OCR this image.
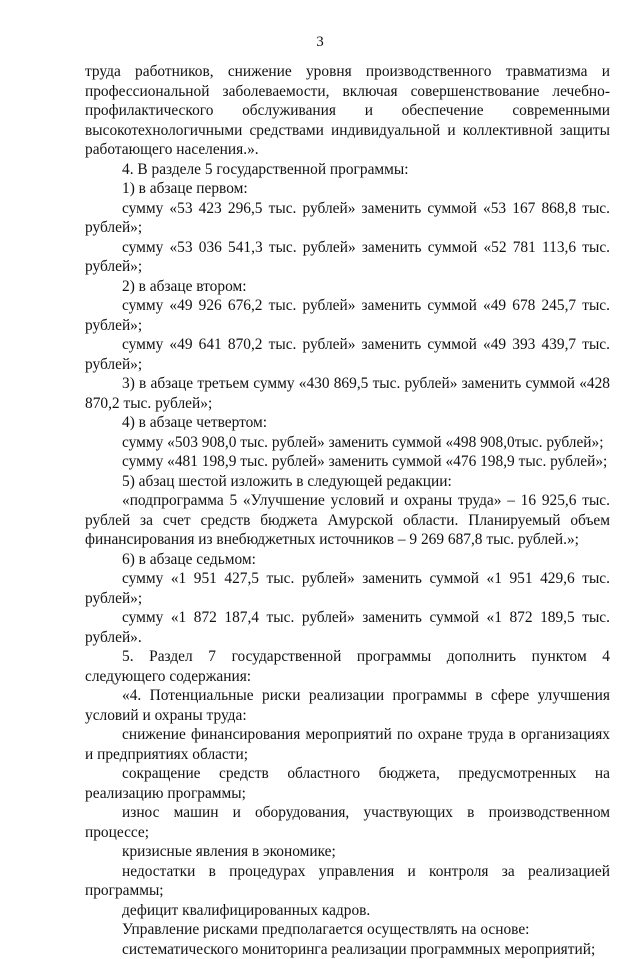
3

труда работников, снижение уровня производственного травматизма и профессиональной заболеваемости, включая совершенствование лечебно-профилактического обслуживания и обеспечение современными высокотехнологичными средствами индивидуальной и коллективной защиты работающего населения.».

4. В разделе 5 государственной программы:

1) в абзаце первом:

сумму «53 423 296,5 тыс. рублей» заменить суммой «53 167 868,8 тыс. рублей»;

сумму «53 036 541,3 тыс. рублей» заменить суммой «52 781 113,6 тыс. рублей»;

2) в абзаце втором:

сумму «49 926 676,2 тыс. рублей» заменить суммой «49 678 245,7 тыс. рублей»;

сумму «49 641 870,2 тыс. рублей» заменить суммой «49 393 439,7 тыс. рублей»;

3) в абзаце третьем сумму «430 869,5 тыс. рублей» заменить суммой «428 870,2 тыс. рублей»;

4) в абзаце четвертом:

сумму «503 908,0 тыс. рублей» заменить суммой «498 908,0тыс. рублей»;

сумму «481 198,9 тыс. рублей» заменить суммой «476 198,9 тыс. рублей»;

5) абзац шестой изложить в следующей редакции:

«подпрограмма 5 «Улучшение условий и охраны труда» – 16 925,6 тыс. рублей за счет средств бюджета Амурской области. Планируемый объем финансирования из внебюджетных источников – 9 269 687,8 тыс. рублей.»;

6) в абзаце седьмом:

сумму «1 951 427,5 тыс. рублей» заменить суммой «1 951 429,6 тыс. рублей»;

сумму «1 872 187,4 тыс. рублей» заменить суммой «1 872 189,5 тыс. рублей».

5. Раздел 7 государственной программы дополнить пунктом 4 следующего содержания:

«4. Потенциальные риски реализации программы в сфере улучшения условий и охраны труда:

снижение финансирования мероприятий по охране труда в организациях и предприятиях области;

сокращение средств областного бюджета, предусмотренных на реализацию программы;

износ машин и оборудования, участвующих в производственном процессе;

кризисные явления в экономике;

недостатки в процедурах управления и контроля за реализацией программы;

дефицит квалифицированных кадров.

Управление рисками предполагается осуществлять на основе:

систематического мониторинга реализации программных мероприятий;
